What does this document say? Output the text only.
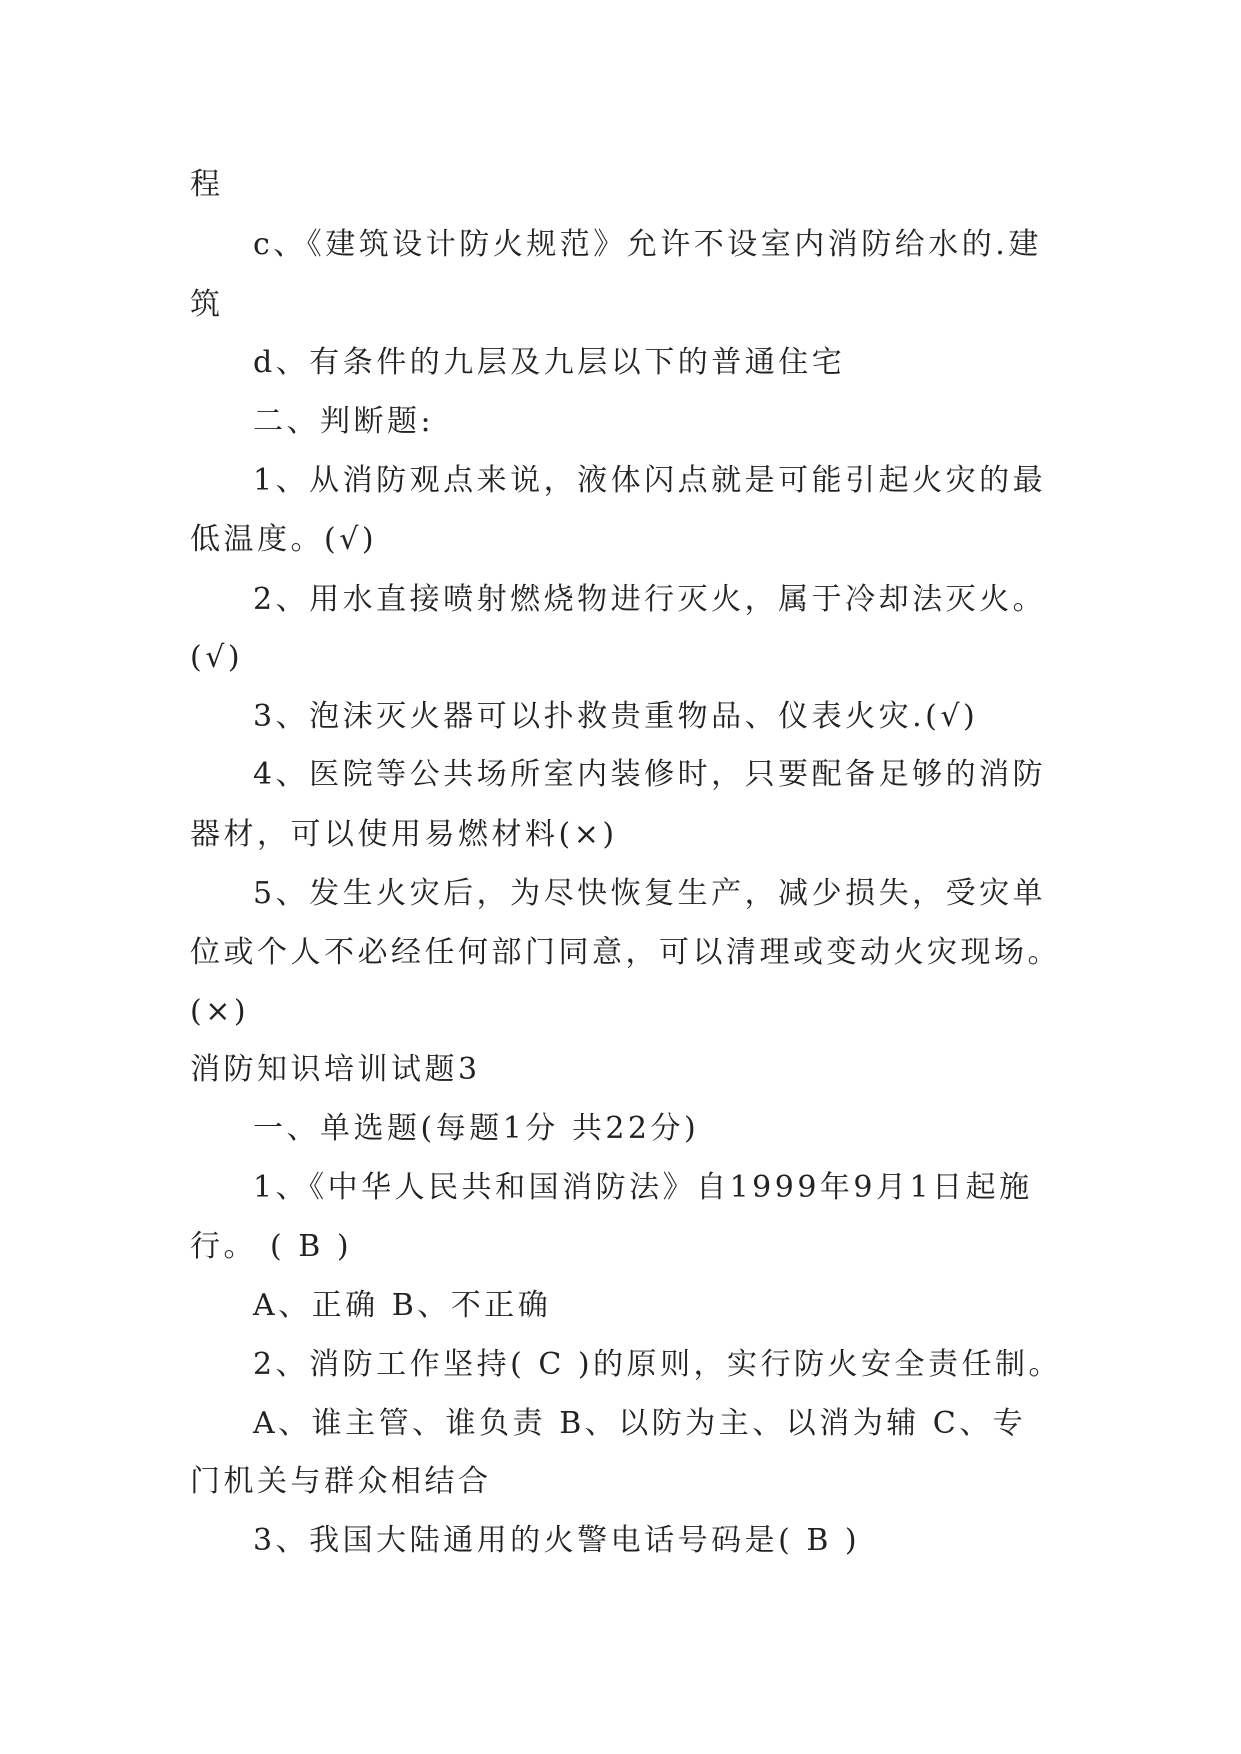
程
c、《建筑设计防火规范》允许不设室内消防给水的.建
筑
d、有条件的九层及九层以下的普通住宅
二、判断题:
1、从消防观点来说，液体闪点就是可能引起火灾的最
低温度。(√)
2、用水直接喷射燃烧物进行灭火，属于冷却法灭火。
(√)
3、泡沫灭火器可以扑救贵重物品、仪表火灾.(√)
4、医院等公共场所室内装修时，只要配备足够的消防
器材，可以使用易燃材料(×)
5、发生火灾后，为尽快恢复生产，减少损失，受灾单
位或个人不必经任何部门同意，可以清理或变动火灾现场。
(×)
消防知识培训试题3
一、单选题(每题1分 共22分)
1、《中华人民共和国消防法》自1999年9月1日起施
行。 ( B )
A、正确 B、不正确
2、消防工作坚持( C )的原则，实行防火安全责任制。
A、谁主管、谁负责 B、以防为主、以消为辅 C、专
门机关与群众相结合
3、我国大陆通用的火警电话号码是( B )
